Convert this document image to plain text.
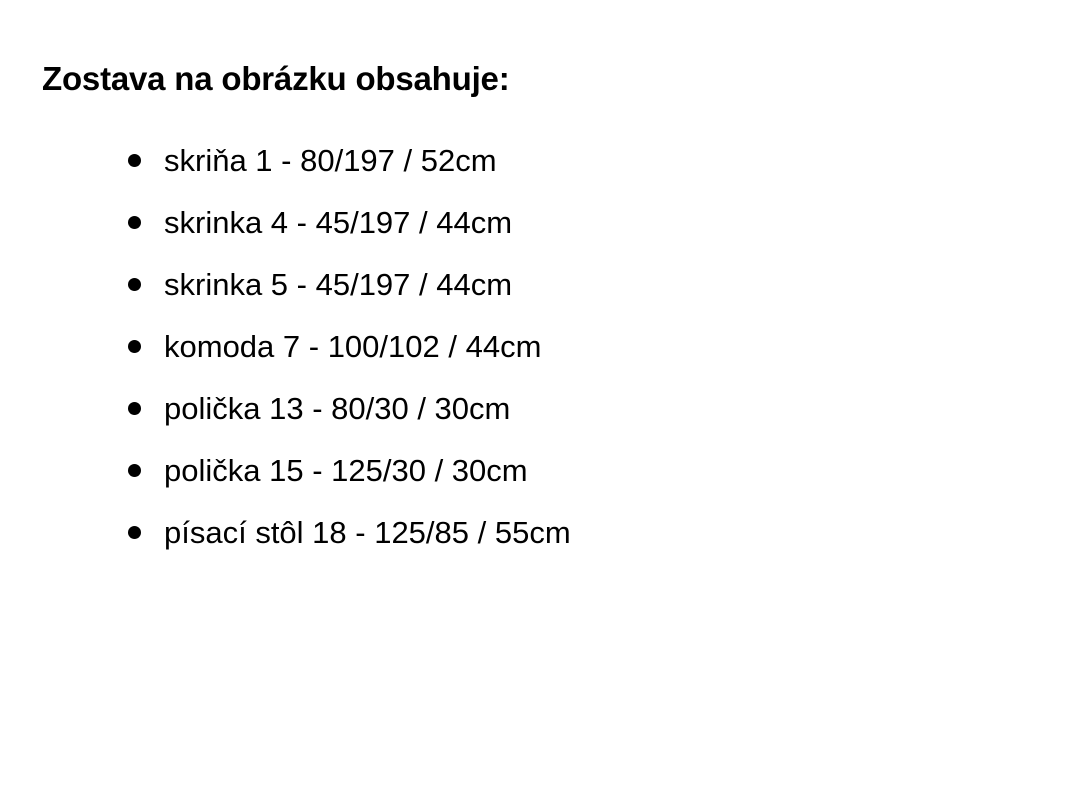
Zostava na obrázku obsahuje:
skriňa 1 - 80/197 / 52cm
skrinka 4 - 45/197 / 44cm
skrinka 5 - 45/197 / 44cm
komoda 7 - 100/102 / 44cm
polička 13 - 80/30 / 30cm
polička 15 - 125/30 / 30cm
písací stôl 18 - 125/85 / 55cm
